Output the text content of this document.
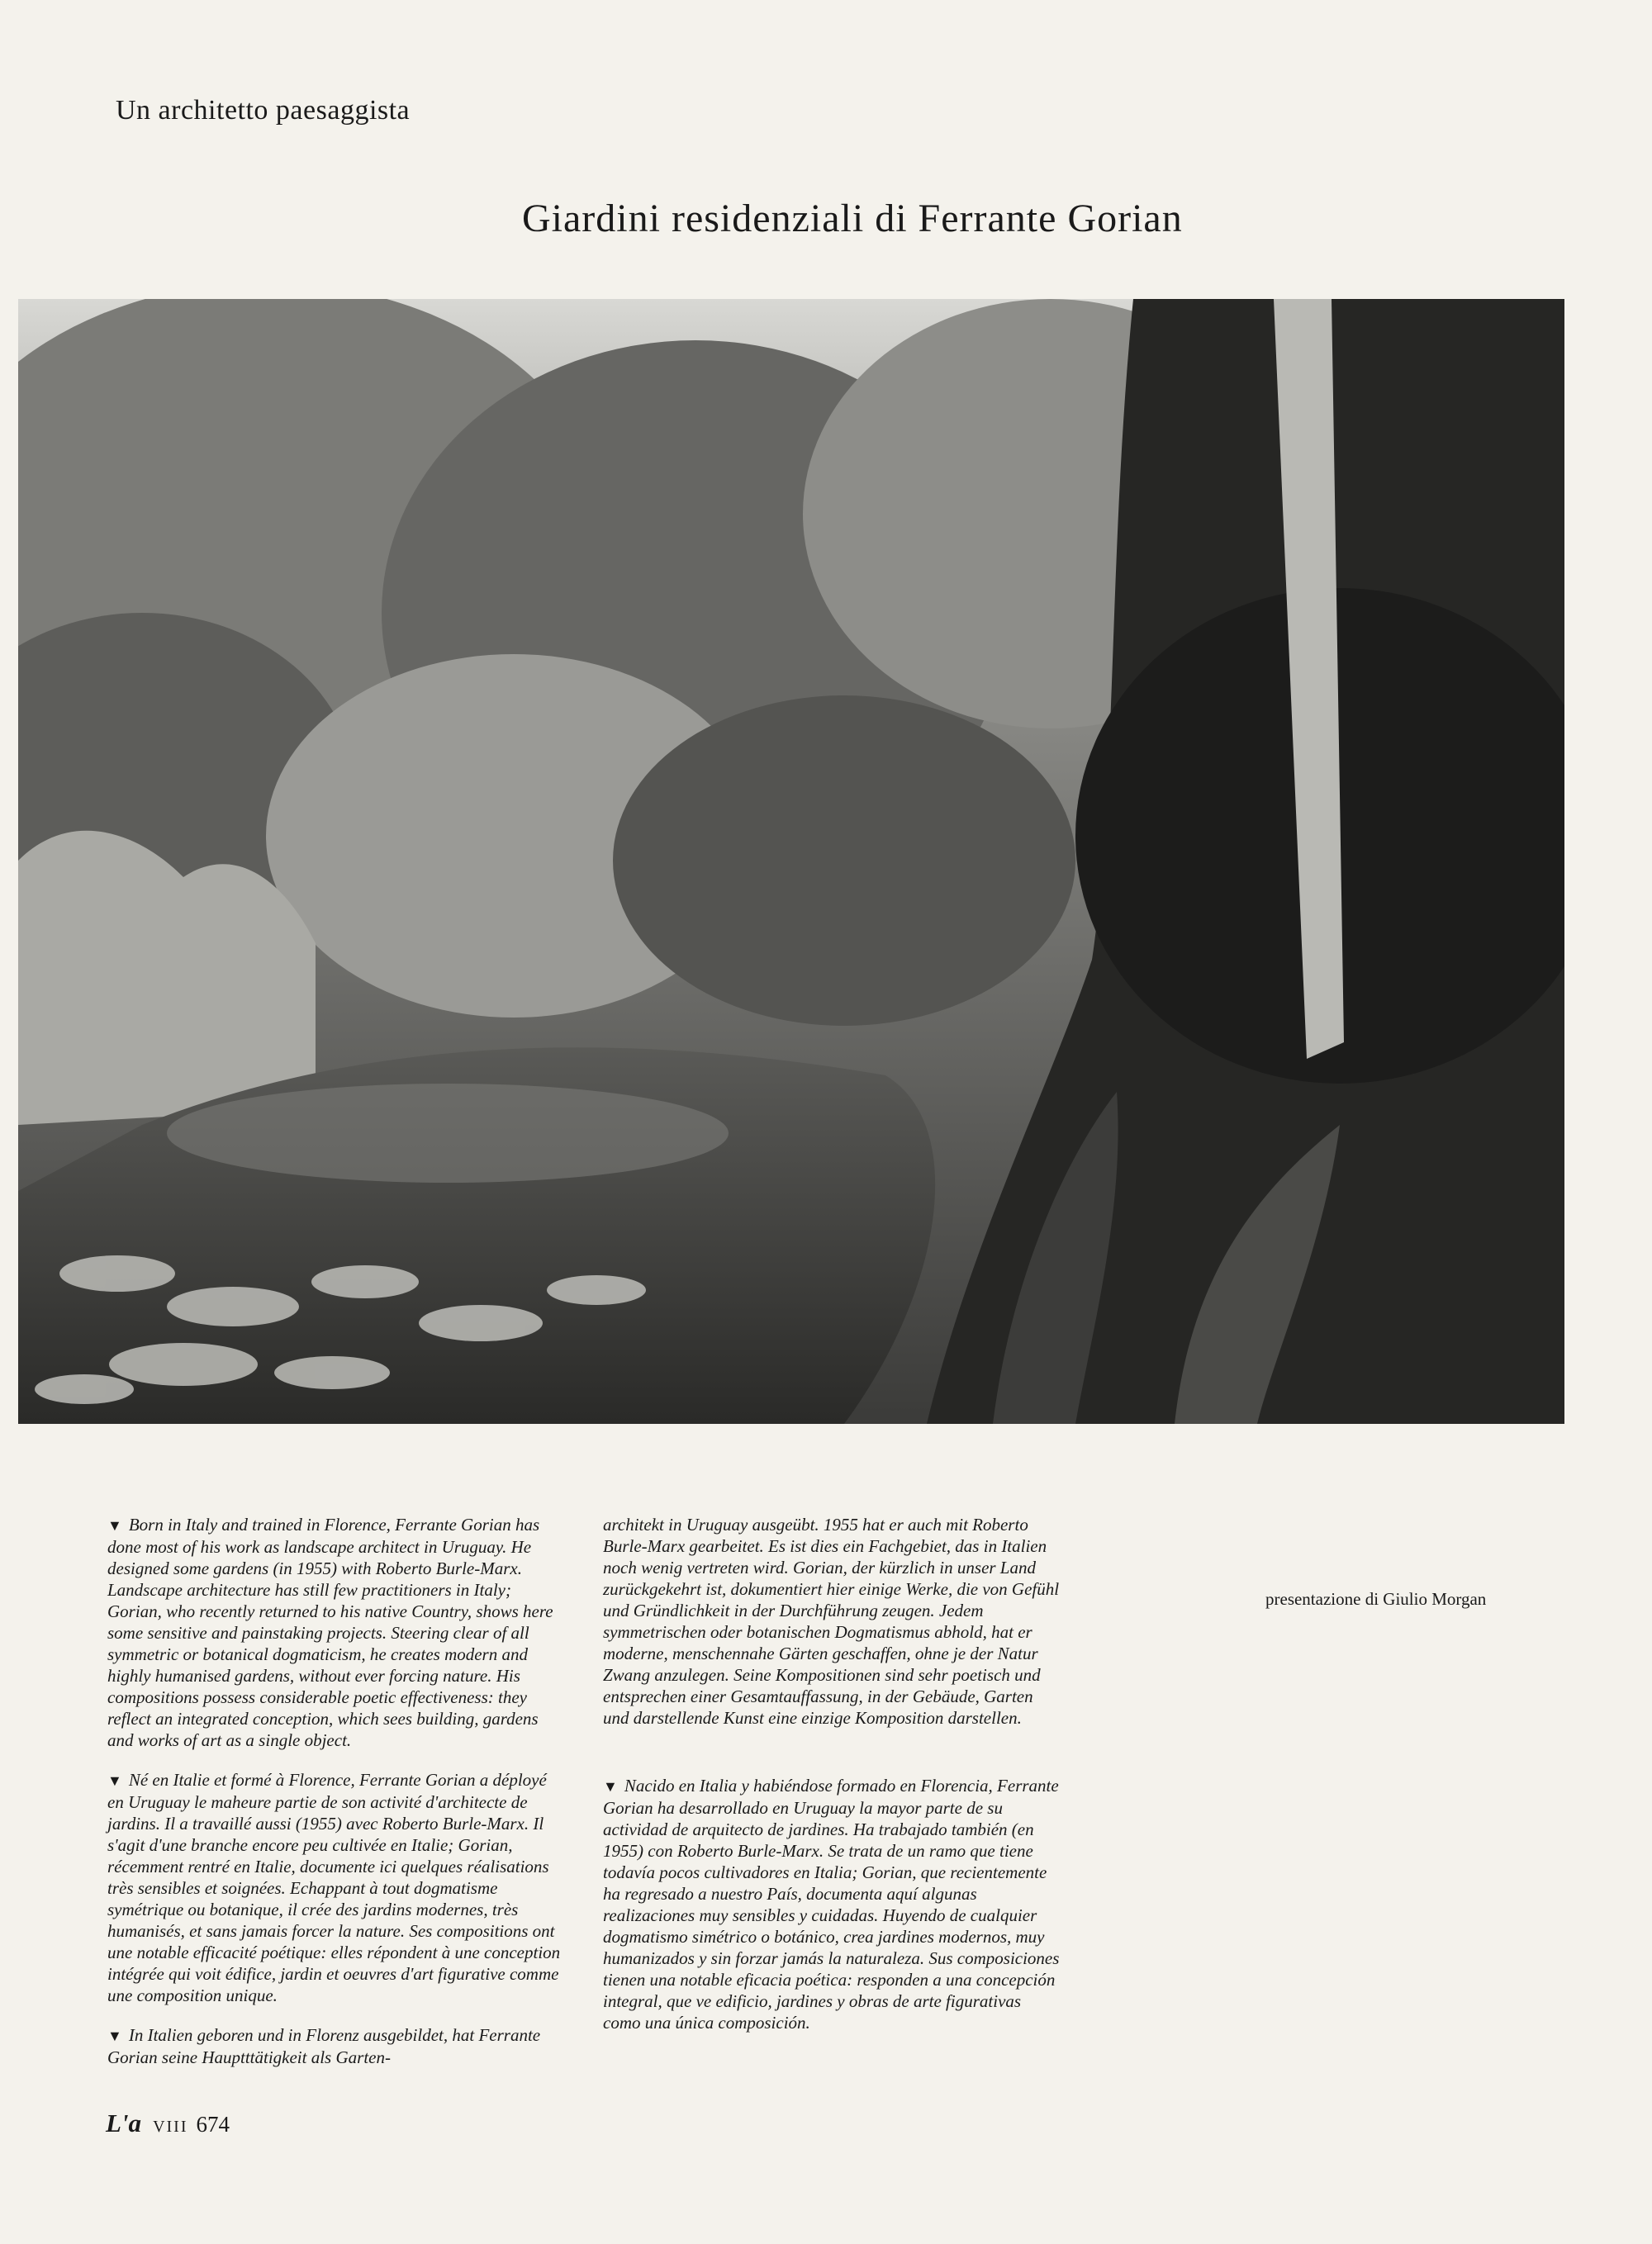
Un architetto paesaggista
Giardini residenziali di Ferrante Gorian

▼ Born in Italy and trained in Florence, Ferrante Gorian has done most of his work as landscape architect in Uruguay. He designed some gardens (in 1955) with Roberto Burle-Marx. Landscape architecture has still few practitioners in Italy; Gorian, who recently returned to his native Country, shows here some sensitive and painstaking projects. Steering clear of all symmetric or botanical dogmaticism, he creates modern and highly humanised gardens, without ever forcing nature. His compositions possess considerable poetic effectiveness: they reflect an integrated conception, which sees building, gardens and works of art as a single object.

▼ Né en Italie et formé à Florence, Ferrante Gorian a déployé en Uruguay le maheure partie de son activité d'architecte de jardins. Il a travaillé aussi (1955) avec Roberto Burle-Marx. Il s'agit d'une branche encore peu cultivée en Italie; Gorian, récemment rentré en Italie, documente ici quelques réalisations très sensibles et soignées. Echappant à tout dogmatisme symétrique ou botanique, il crée des jardins modernes, très humanisés, et sans jamais forcer la nature. Ses compositions ont une notable efficacité poétique: elles répondent à une conception intégrée qui voit édifice, jardin et oeuvres d'art figurative comme une composition unique.

▼ In Italien geboren und in Florenz ausgebildet, hat Ferrante Gorian seine Hauptttätigkeit als Garten-

architekt in Uruguay ausgeübt. 1955 hat er auch mit Roberto Burle-Marx gearbeitet. Es ist dies ein Fachgebiet, das in Italien noch wenig vertreten wird. Gorian, der kürzlich in unser Land zurückgekehrt ist, dokumentiert hier einige Werke, die von Gefühl und Gründlichkeit in der Durchführung zeugen. Jedem symmetrischen oder botanischen Dogmatismus abhold, hat er moderne, menschennahe Gärten geschaffen, ohne je der Natur Zwang anzulegen. Seine Kompositionen sind sehr poetisch und entsprechen einer Gesamtauffassung, in der Gebäude, Garten und darstellende Kunst eine einzige Komposition darstellen.

▼ Nacido en Italia y habiéndose formado en Florencia, Ferrante Gorian ha desarrollado en Uruguay la mayor parte de su actividad de arquitecto de jardines. Ha trabajado también (en 1955) con Roberto Burle-Marx. Se trata de un ramo que tiene todavía pocos cultivadores en Italia; Gorian, que recientemente ha regresado a nuestro País, documenta aquí algunas realizaciones muy sensibles y cuidadas. Huyendo de cualquier dogmatismo simétrico o botánico, crea jardines modernos, muy humanizados y sin forzar jamás la naturaleza. Sus composiciones tienen una notable eficacia poética: responden a una concepción integral, que ve edificio, jardines y obras de arte figurativas como una única composición.

presentazione di Giulio Morgan

L'a VIII 674
